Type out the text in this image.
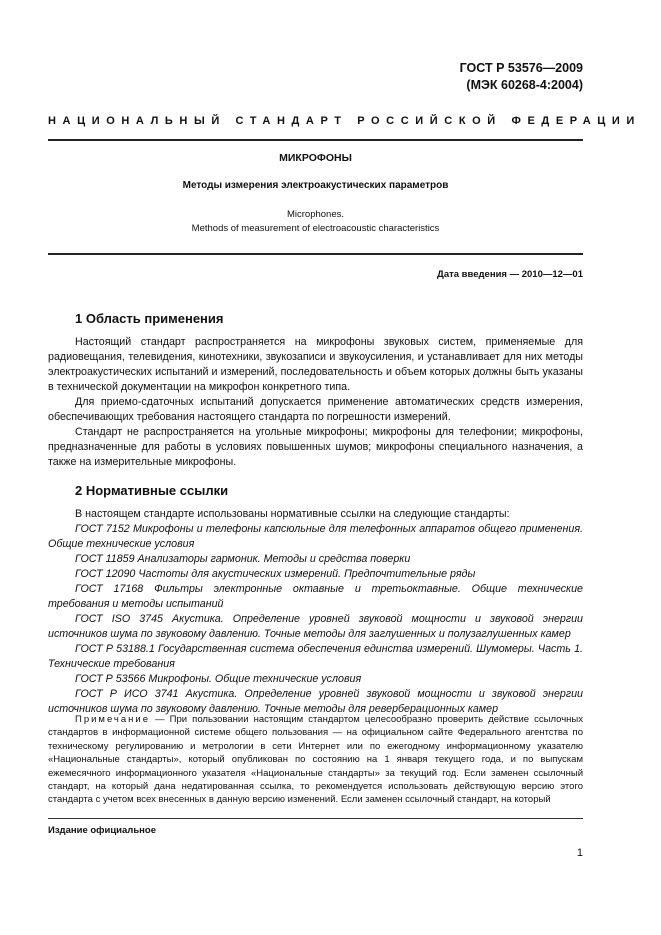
ГОСТ Р 53576—2009
(МЭК 60268-4:2004)
НАЦИОНАЛЬНЫЙ СТАНДАРТ РОССИЙСКОЙ ФЕДЕРАЦИИ
МИКРОФОНЫ
Методы измерения электроакустических параметров
Microphones.
Methods of measurement of electroacoustic characteristics
Дата введения — 2010—12—01
1 Область применения

Настоящий стандарт распространяется на микрофоны звуковых систем, применяемые для радиовещания, телевидения, кинотехники, звукозаписи и звукоусиления, и устанавливает для них методы электроакустических испытаний и измерений, последовательность и объем которых должны быть указаны в технической документации на микрофон конкретного типа.

Для приемо-сдаточных испытаний допускается применение автоматических средств измерения, обеспечивающих требования настоящего стандарта по погрешности измерений.

Стандарт не распространяется на угольные микрофоны; микрофоны для телефонии; микрофоны, предназначенные для работы в условиях повышенных шумов; микрофоны специального назначения, а также на измерительные микрофоны.

2 Нормативные ссылки

В настоящем стандарте использованы нормативные ссылки на следующие стандарты:

ГОСТ 7152 Микрофоны и телефоны капсюльные для телефонных аппаратов общего применения. Общие технические условия

ГОСТ 11859 Анализаторы гармоник. Методы и средства поверки

ГОСТ 12090 Частоты для акустических измерений. Предпочтительные ряды

ГОСТ 17168 Фильтры электронные октавные и третьоктавные. Общие технические требования и методы испытаний

ГОСТ ISO 3745 Акустика. Определение уровней звуковой мощности и звуковой энергии источников шума по звуковому давлению. Точные методы для заглушенных и полузаглушенных камер

ГОСТ Р 53188.1 Государственная система обеспечения единства измерений. Шумомеры. Часть 1. Технические требования

ГОСТ Р 53566 Микрофоны. Общие технические условия

ГОСТ Р ИСО 3741 Акустика. Определение уровней звуковой мощности и звуковой энергии источников шума по звуковому давлению. Точные методы для реверберационных камер

Примечание — При пользовании настоящим стандартом целесообразно проверить действие ссылочных стандартов в информационной системе общего пользования — на официальном сайте Федерального агентства по техническому регулированию и метрологии в сети Интернет или по ежегодному информационному указателю «Национальные стандарты», который опубликован по состоянию на 1 января текущего года, и по выпускам ежемесячного информационного указателя «Национальные стандарты» за текущий год. Если заменен ссылочный стандарт, на который дана недатированная ссылка, то рекомендуется использовать действующую версию этого стандарта с учетом всех внесенных в данную версию изменений. Если заменен ссылочный стандарт, на который

Издание официальное
1
